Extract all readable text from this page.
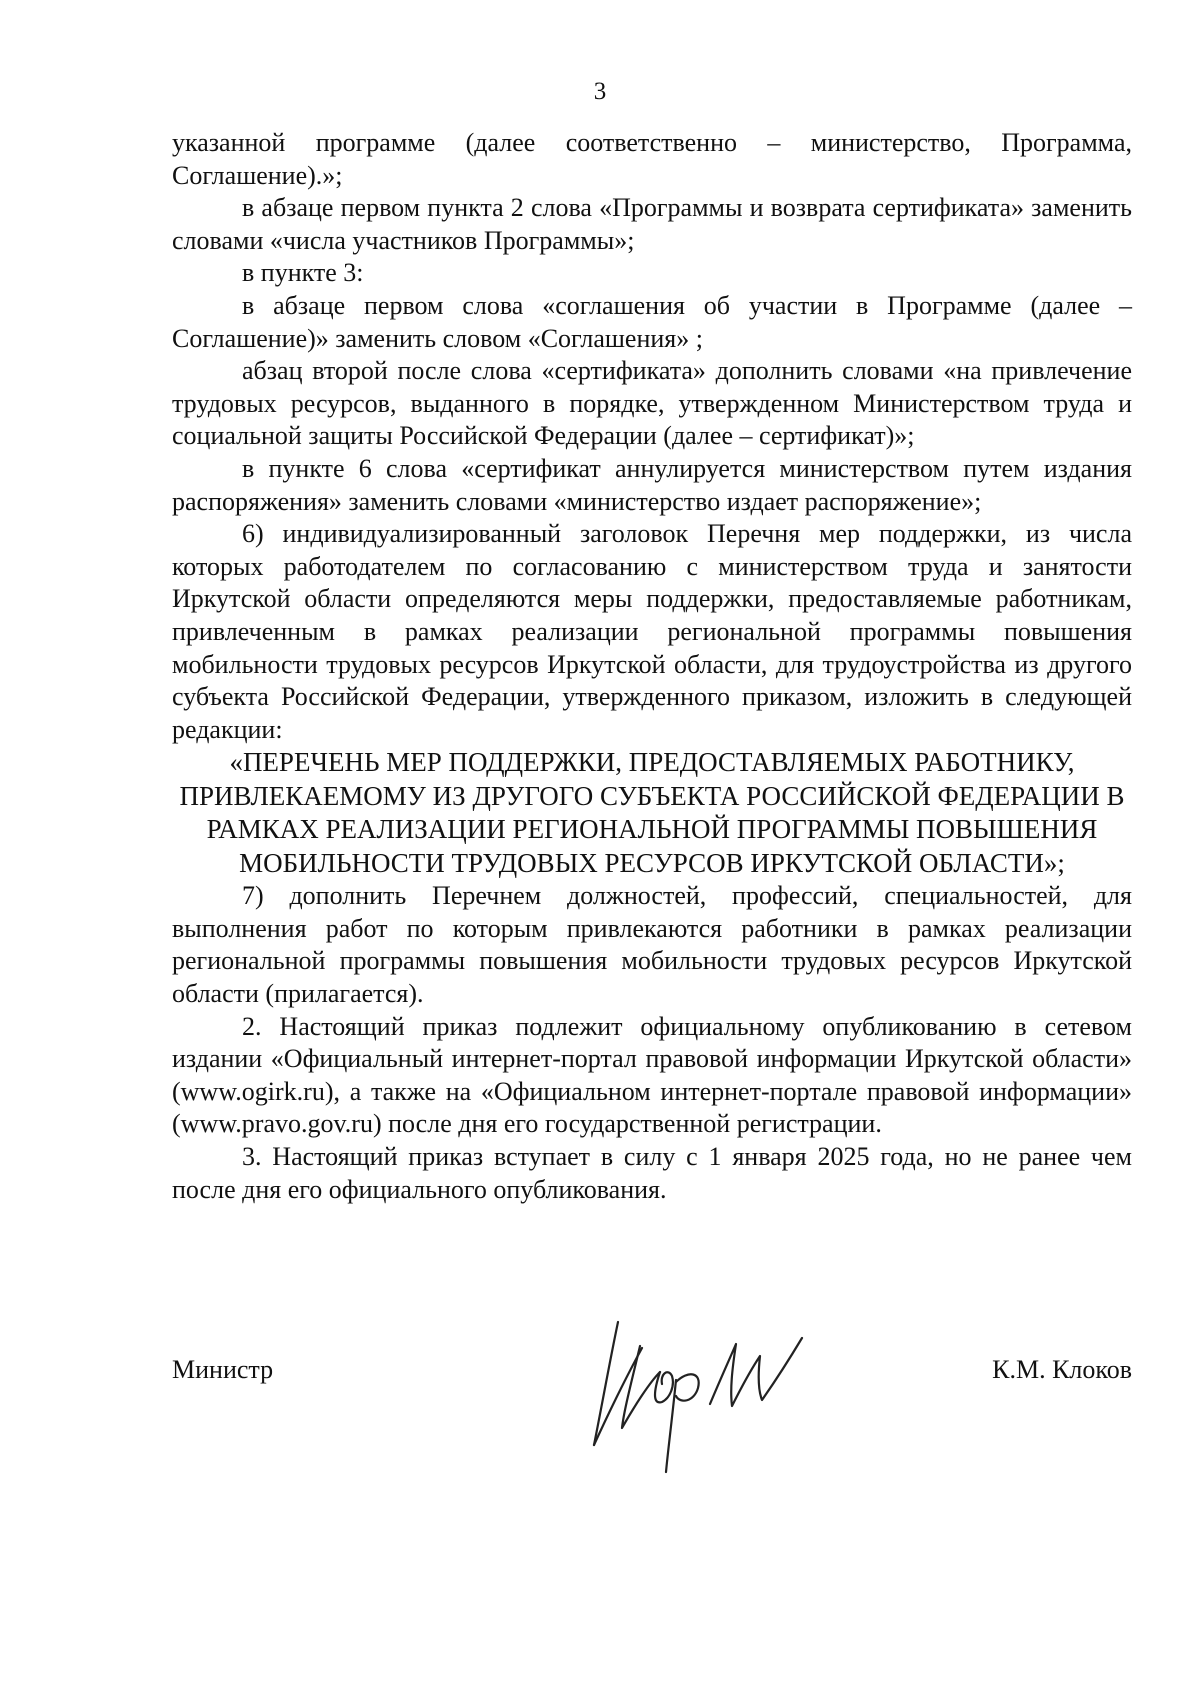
3

указанной программе (далее соответственно – министерство, Программа, Соглашение).»;

в абзаце первом пункта 2 слова «Программы и возврата сертификата» заменить словами «числа участников Программы»;

в пункте 3:

в абзаце первом слова «соглашения об участии в Программе (далее – Соглашение)» заменить словом «Соглашения» ;

абзац второй после слова «сертификата» дополнить словами «на привлечение трудовых ресурсов, выданного в порядке, утвержденном Министерством труда и социальной защиты Российской Федерации (далее – сертификат)»;

в пункте 6 слова «сертификат аннулируется министерством путем издания распоряжения» заменить словами «министерство издает распоряжение»;

6) индивидуализированный заголовок Перечня мер поддержки, из числа которых работодателем по согласованию с министерством труда и занятости Иркутской области определяются меры поддержки, предоставляемые работникам, привлеченным в рамках реализации региональной программы повышения мобильности трудовых ресурсов Иркутской области, для трудоустройства из другого субъекта Российской Федерации, утвержденного приказом, изложить в следующей редакции:

«ПЕРЕЧЕНЬ МЕР ПОДДЕРЖКИ, ПРЕДОСТАВЛЯЕМЫХ РАБОТНИКУ, ПРИВЛЕКАЕМОМУ ИЗ ДРУГОГО СУБЪЕКТА РОССИЙСКОЙ ФЕДЕРАЦИИ В РАМКАХ РЕАЛИЗАЦИИ РЕГИОНАЛЬНОЙ ПРОГРАММЫ ПОВЫШЕНИЯ МОБИЛЬНОСТИ ТРУДОВЫХ РЕСУРСОВ ИРКУТСКОЙ ОБЛАСТИ»;

7) дополнить Перечнем должностей, профессий, специальностей, для выполнения работ по которым привлекаются работники в рамках реализации региональной программы повышения мобильности трудовых ресурсов Иркутской области (прилагается).

2. Настоящий приказ подлежит официальному опубликованию в сетевом издании «Официальный интернет-портал правовой информации Иркутской области» (www.ogirk.ru), а также на «Официальном интернет-портале правовой информации» (www.pravo.gov.ru) после дня его государственной регистрации.

3. Настоящий приказ вступает в силу с 1 января 2025 года, но не ранее чем после дня его официального опубликования.

Министр	К.М. Клоков
